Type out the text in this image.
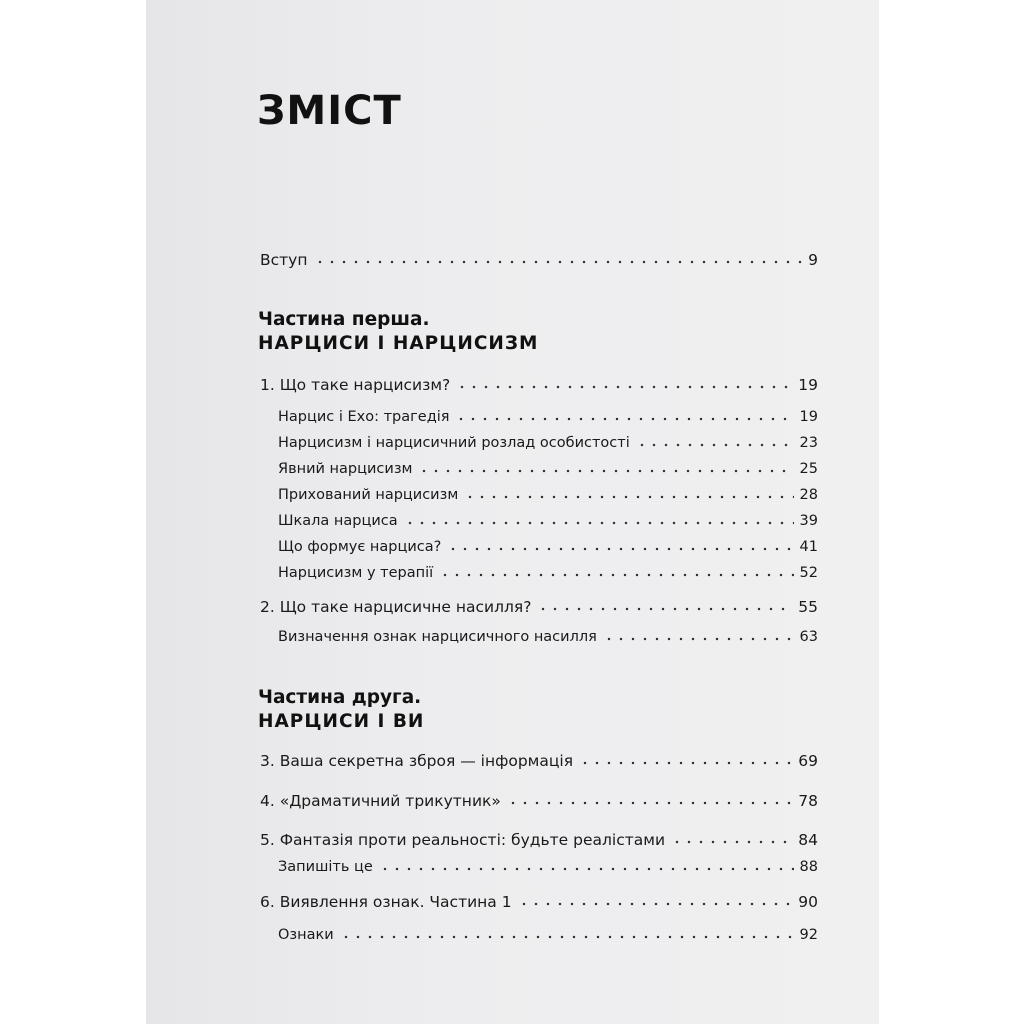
ЗМІСТ
Вступ	9
Частина перша.
НАРЦИСИ І НАРЦИСИЗМ
1. Що таке нарцисизм?	19
Нарцис і Ехо: трагедія	19
Нарцисизм і нарцисичний розлад особистості	23
Явний нарцисизм	25
Прихований нарцисизм	28
Шкала нарциса	39
Що формує нарциса?	41
Нарцисизм у терапії	52
2. Що таке нарцисичне насилля?	55
Визначення ознак нарцисичного насилля	63
Частина друга.
НАРЦИСИ І ВИ
3. Ваша секретна зброя — інформація	69
4. «Драматичний трикутник»	78
5. Фантазія проти реальності: будьте реалістами	84
Запишіть це	88
6. Виявлення ознак. Частина 1	90
Ознаки	92
